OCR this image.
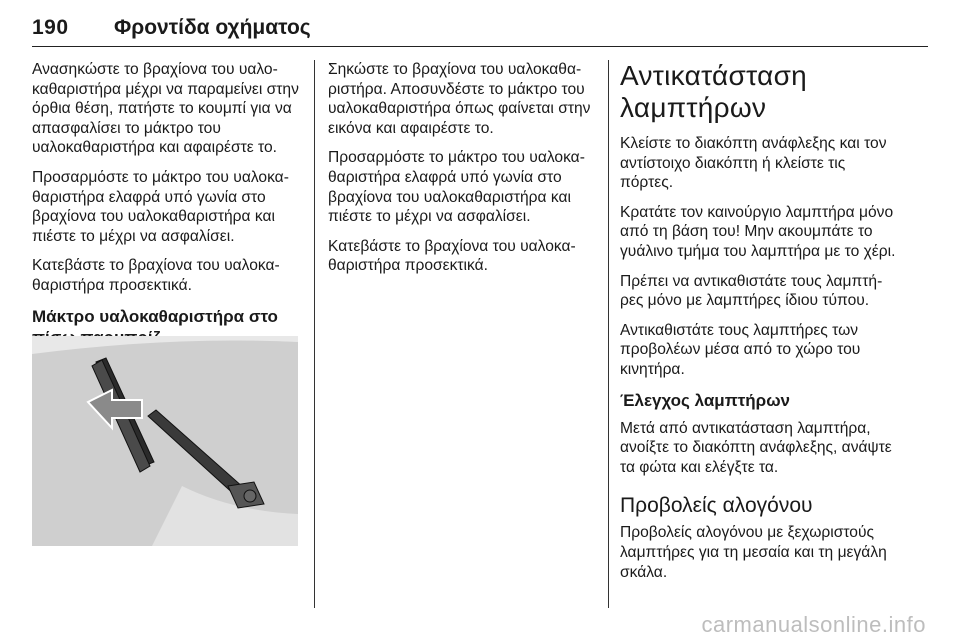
190 Φροντίδα οχήματος

Ανασηκώστε το βραχίονα του υαλοκαθαριστήρα μέχρι να παραμείνει στην όρθια θέση, πατήστε το κουμπί για να απασφαλίσει το μάκτρο του υαλοκαθαριστήρα και αφαιρέστε το.

Προσαρμόστε το μάκτρο του υαλοκαθαριστήρα ελαφρά υπό γωνία στο βραχίονα του υαλοκαθαριστήρα και πιέστε το μέχρι να ασφαλίσει.

Κατεβάστε το βραχίονα του υαλοκαθαριστήρα προσεκτικά.

Μάκτρο υαλοκαθαριστήρα στο

Σηκώστε το βραχίονα του υαλοκαθαριστήρα. Αποσυνδέστε το μάκτρο του υαλοκαθαριστήρα όπως φαίνεται στην εικόνα και αφαιρέστε το.

Προσαρμόστε το μάκτρο του υαλοκαθαριστήρα ελαφρά υπό γωνία στο βραχίονα του υαλοκαθαριστήρα και πιέστε το μέχρι να ασφαλίσει.

Κατεβάστε το βραχίονα του υαλοκαθαριστήρα προσεκτικά.

Αντικατάσταση λαμπτήρων

Κλείστε το διακόπτη ανάφλεξης και τον αντίστοιχο διακόπτη ή κλείστε τις πόρτες.

Κρατάτε τον καινούργιο λαμπτήρα μόνο από τη βάση του! Μην ακουμπάτε το γυάλινο τμήμα του λαμπτήρα με το χέρι.

Πρέπει να αντικαθιστάτε τους λαμπτήρες μόνο με λαμπτήρες ίδιου τύπου.

Αντικαθιστάτε τους λαμπτήρες των προβολέων μέσα από το χώρο του κινητήρα.

Έλεγχος λαμπτήρων

Μετά από αντικατάσταση λαμπτήρα, ανοίξτε το διακόπτη ανάφλεξης, ανάψτε τα φώτα και ελέγξτε τα.

Προβολείς αλογόνου

Προβολείς αλογόνου με ξεχωριστούς λαμπτήρες για τη μεσαία και τη μεγάλη σκάλα.

carmanualsonline.info
